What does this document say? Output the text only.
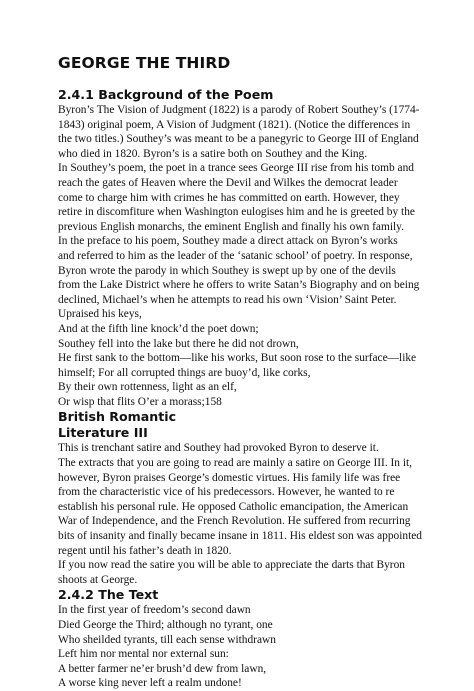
GEORGE THE THIRD
2.4.1 Background of the Poem
Byron’s The Vision of Judgment (1822) is a parody of Robert Southey’s (1774-
1843) original poem, A Vision of Judgment (1821). (Notice the differences in
the two titles.) Southey’s was meant to be a panegyric to George III of England
who died in 1820. Byron’s is a satire both on Southey and the King.
In Southey’s poem, the poet in a trance sees George III rise from his tomb and
reach the gates of Heaven where the Devil and Wilkes the democrat leader
come to charge him with crimes he has committed on earth. However, they
retire in discomfiture when Washington eulogises him and he is greeted by the
previous English monarchs, the eminent English and finally his own family.
In the preface to his poem, Southey made a direct attack on Byron’s works
and referred to him as the leader of the ‘satanic school’ of poetry. In response,
Byron wrote the parody in which Southey is swept up by one of the devils
from the Lake District where he offers to write Satan’s Biography and on being
declined, Michael’s when he attempts to read his own ‘Vision’ Saint Peter.
Upraised his keys,
And at the fifth line knock’d the poet down;
Southey fell into the lake but there he did not drown,
He first sank to the bottom—like his works, But soon rose to the surface—like
himself; For all corrupted things are buoy’d, like corks,
By their own rottenness, light as an elf,
Or wisp that flits O’er a morass;158
British Romantic
Literature III
This is trenchant satire and Southey had provoked Byron to deserve it.
The extracts that you are going to read are mainly a satire on George III. In it,
however, Byron praises George’s domestic virtues. His family life was free
from the characteristic vice of his predecessors. However, he wanted to re
establish his personal rule. He opposed Catholic emancipation, the American
War of Independence, and the French Revolution. He suffered from recurring
bits of insanity and finally became insane in 1811. His eldest son was appointed
regent until his father’s death in 1820.
If you now read the satire you will be able to appreciate the darts that Byron
shoots at George.
2.4.2 The Text
In the first year of freedom’s second dawn
Died George the Third; although no tyrant, one
Who sheilded tyrants, till each sense withdrawn
Left him nor mental nor external sun:
A better farmer ne’er brush’d dew from lawn,
A worse king never left a realm undone!
